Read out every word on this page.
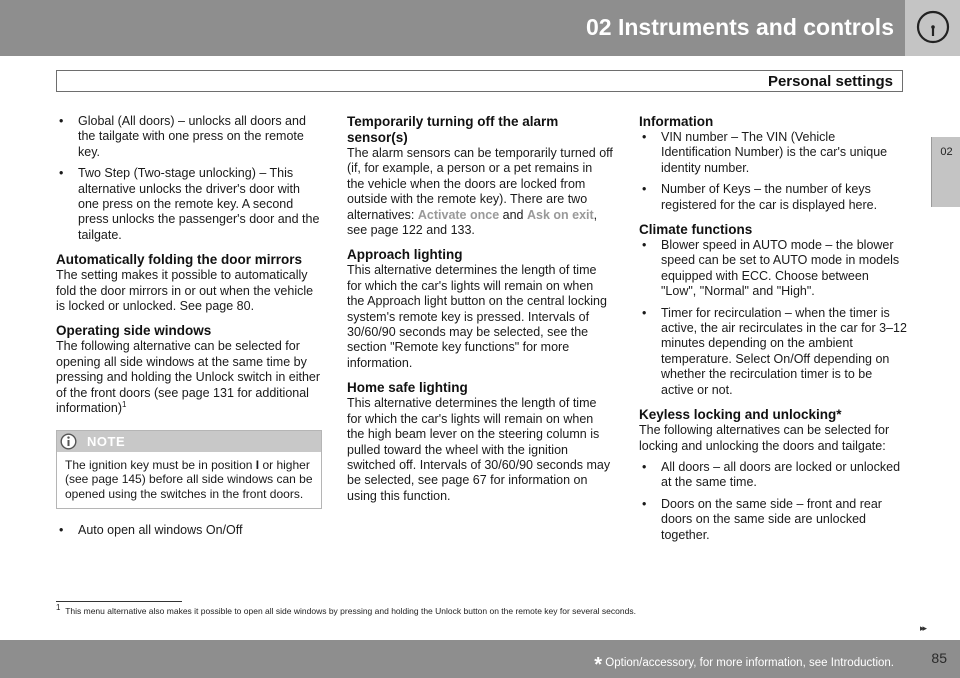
02 Instruments and controls
Personal settings
02
• Global (All doors) – unlocks all doors and the tailgate with one press on the remote key.
• Two Step (Two-stage unlocking) – This alternative unlocks the driver's door with one press on the remote key. A second press unlocks the passenger's door and the tailgate.
Automatically folding the door mirrors

The setting makes it possible to automatically fold the door mirrors in or out when the vehicle is locked or unlocked. See page 80.

Operating side windows

The following alternative can be selected for opening all side windows at the same time by pressing and holding the Unlock switch in either of the front doors (see page 131 for additional information)$^1$

NOTE
The ignition key must be in position I or higher (see page 145) before all side windows can be opened using the switches in the front doors.
• Auto open all windows On/Off
Temporarily turning off the alarm sensor(s)

The alarm sensors can be temporarily turned off (if, for example, a person or a pet remains in the vehicle when the doors are locked from outside with the remote key). There are two alternatives: Activate once and Ask on exit, see page 122 and 133.

Approach lighting

This alternative determines the length of time for which the car's lights will remain on when the Approach light button on the central locking system's remote key is pressed. Intervals of 30/60/90 seconds may be selected, see the section "Remote key functions" for more information.

Home safe lighting

This alternative determines the length of time for which the car's lights will remain on when the high beam lever on the steering column is pulled toward the wheel with the ignition switched off. Intervals of 30/60/90 seconds may be selected, see page 67 for information on using this function.

Information
• VIN number – The VIN (Vehicle Identification Number) is the car's unique identity number.
• Number of Keys – the number of keys registered for the car is displayed here.
Climate functions
• Blower speed in AUTO mode – the blower speed can be set to AUTO mode in models equipped with ECC. Choose between "Low", "Normal" and "High".
• Timer for recirculation – when the timer is active, the air recirculates in the car for 3–12 minutes depending on the ambient temperature. Select On/Off depending on whether the recirculation timer is to be active or not.
Keyless locking and unlocking*

The following alternatives can be selected for locking and unlocking the doors and tailgate:

• All doors – all doors are locked or unlocked at the same time.
• Doors on the same side – front and rear doors on the same side are unlocked together.
$^1$ This menu alternative also makes it possible to open all side windows by pressing and holding the Unlock button on the remote key for several seconds.
▸▸
* Option/accessory, for more information, see Introduction.	85
